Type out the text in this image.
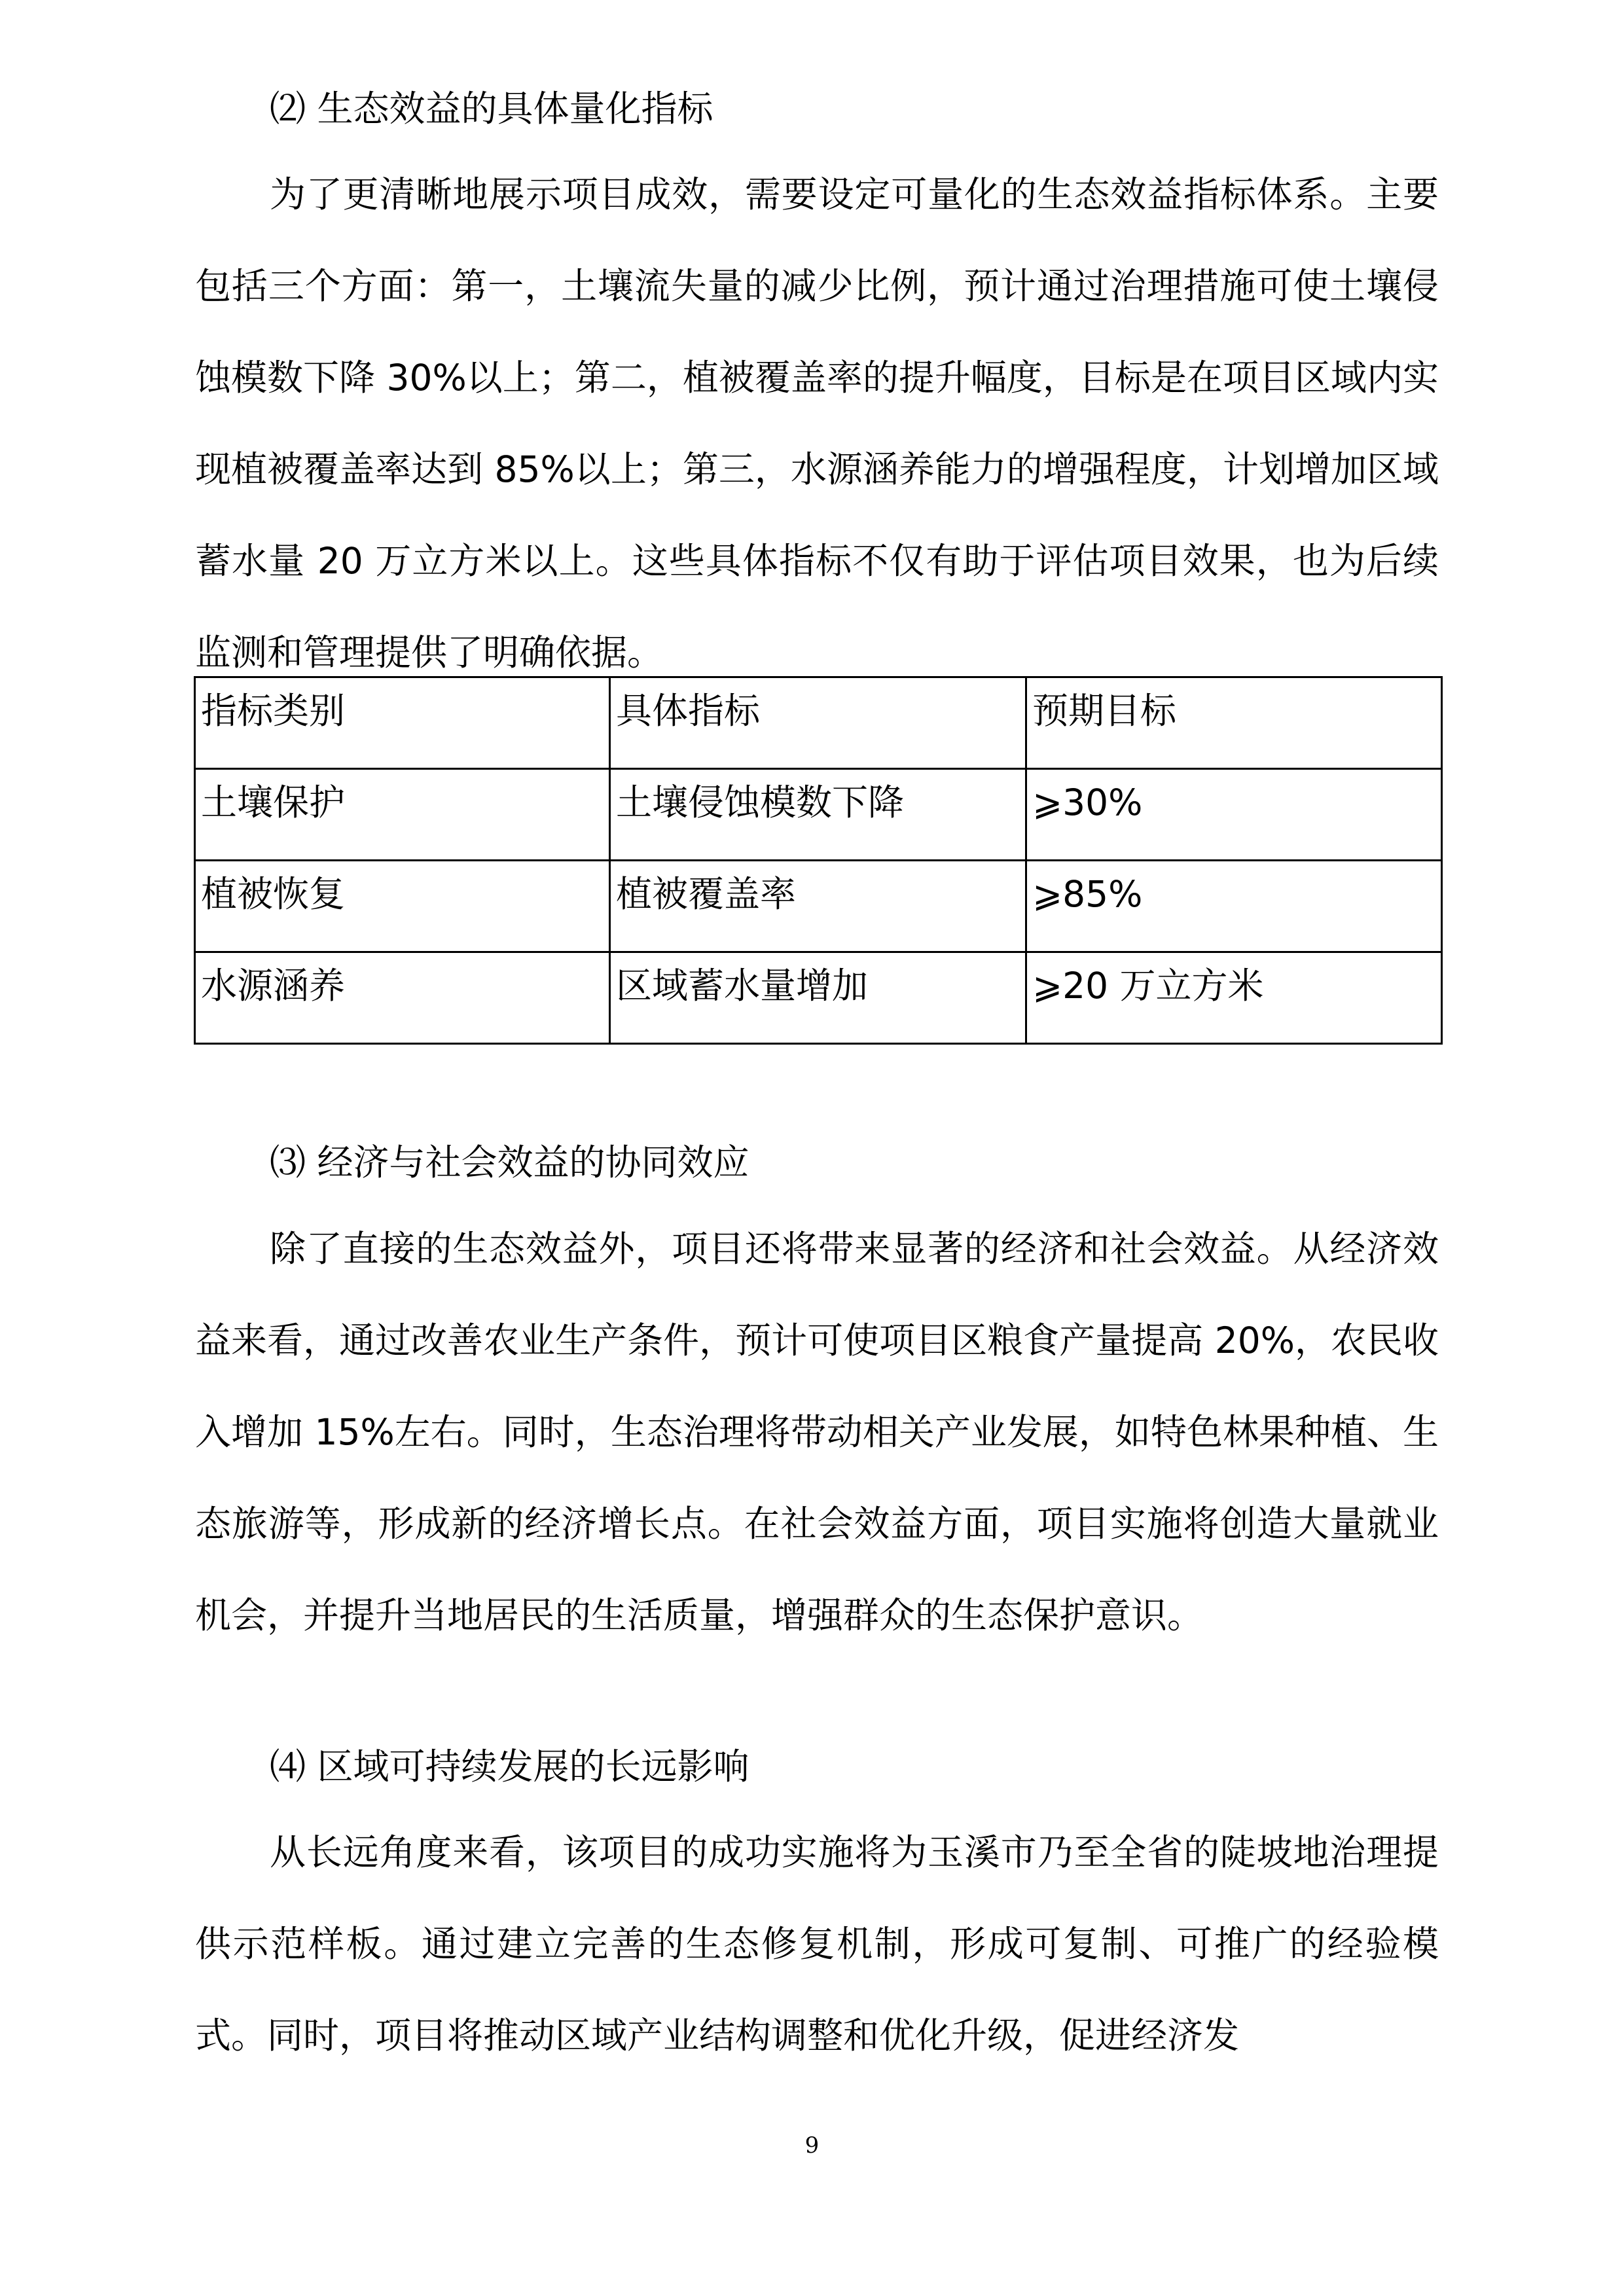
⑵ 生态效益的具体量化指标

为了更清晰地展示项目成效，需要设定可量化的生态效益指标体系。主要包括三个方面：第一，土壤流失量的减少比例，预计通过治理措施可使土壤侵蚀模数下降 30%以上；第二，植被覆盖率的提升幅度，目标是在项目区域内实现植被覆盖率达到 85%以上；第三，水源涵养能力的增强程度，计划增加区域蓄水量 20 万立方米以上。这些具体指标不仅有助于评估项目效果，也为后续监测和管理提供了明确依据。

指标类别	具体指标	预期目标
土壤保护	土壤侵蚀模数下降	⩾30%
植被恢复	植被覆盖率	⩾85%
水源涵养	区域蓄水量增加	⩾20 万立方米
⑶ 经济与社会效益的协同效应

除了直接的生态效益外，项目还将带来显著的经济和社会效益。从经济效益来看，通过改善农业生产条件，预计可使项目区粮食产量提高 20%，农民收入增加 15%左右。同时，生态治理将带动相关产业发展，如特色林果种植、生态旅游等，形成新的经济增长点。在社会效益方面，项目实施将创造大量就业机会，并提升当地居民的生活质量，增强群众的生态保护意识。

⑷ 区域可持续发展的长远影响

从长远角度来看，该项目的成功实施将为玉溪市乃至全省的陡坡地治理提供示范样板。通过建立完善的生态修复机制，形成可复制、可推广的经验模式。同时，项目将推动区域产业结构调整和优化升级，促进经济发

9
